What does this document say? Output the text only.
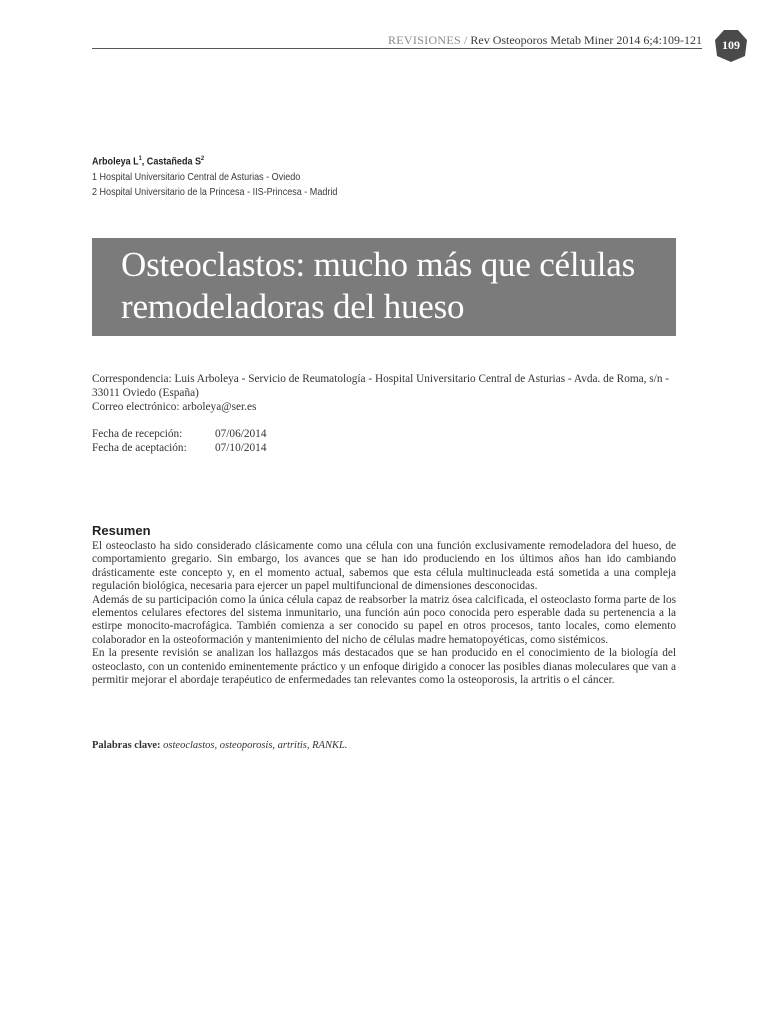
REVISIONES / Rev Osteoporos Metab Miner 2014 6;4:109-121	109
Arboleya $L^1$, Castañeda $S^2$
1 Hospital Universitario Central de Asturias - Oviedo
2 Hospital Universitario de la Princesa - IIS-Princesa - Madrid
Osteoclastos: mucho más que células
remodeladoras del hueso

Correspondencia: Luis Arboleya - Servicio de Reumatología - Hospital Universitario Central de Asturias - Avda. de Roma, s/n - 33011 Oviedo (España)

Correo electrónico: arboleya@ser.es

Fecha de recepción:	07/06/2014
Fecha de aceptación:	07/10/2014
Resumen

El osteoclasto ha sido considerado clásicamente como una célula con una función exclusivamente remodeladora del hueso, de comportamiento gregario. Sin embargo, los avances que se han ido produciendo en los últimos años han ido cambiando drásticamente este concepto y, en el momento actual, sabemos que esta célula multinucleada está sometida a una compleja regulación biológica, necesaria para ejercer un papel multifuncional de dimensiones desconocidas.

Además de su participación como la única célula capaz de reabsorber la matriz ósea calcificada, el osteoclasto forma parte de los elementos celulares efectores del sistema inmunitario, una función aún poco conocida pero esperable dada su pertenencia a la estirpe monocito-macrofágica. También comienza a ser conocido su papel en otros procesos, tanto locales, como elemento colaborador en la osteoformación y mantenimiento del nicho de células madre hematopoyéticas, como sistémicos.

En la presente revisión se analizan los hallazgos más destacados que se han producido en el conocimiento de la biología del osteoclasto, con un contenido eminentemente práctico y un enfoque dirigido a conocer las posibles dianas moleculares que van a permitir mejorar el abordaje terapéutico de enfermedades tan relevantes como la osteoporosis, la artritis o el cáncer.

Palabras clave: osteoclastos, osteoporosis, artritis, RANKL.
